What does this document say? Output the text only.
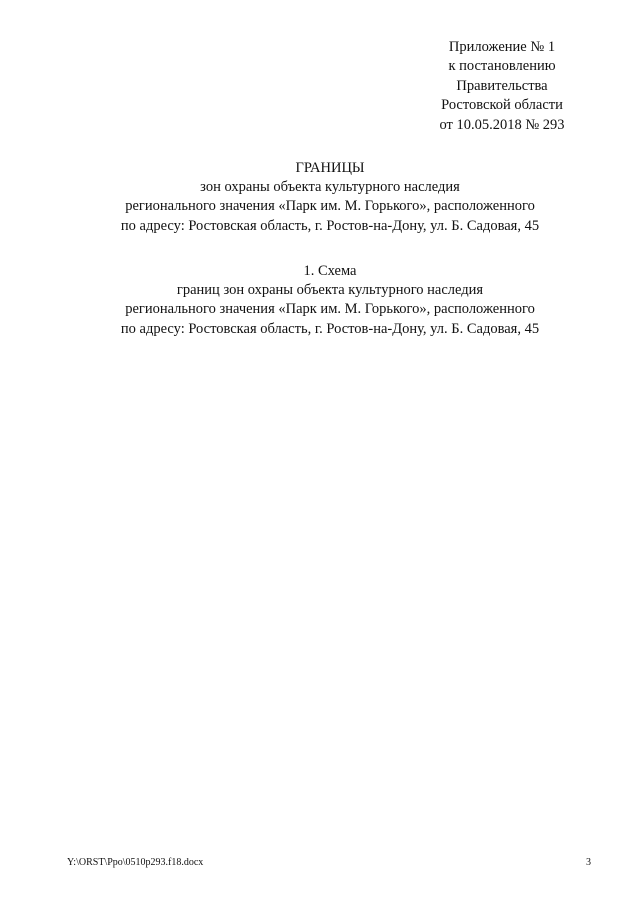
Приложение № 1
к постановлению
Правительства
Ростовской области
от 10.05.2018 № 293
ГРАНИЦЫ
зон охраны объекта культурного наследия
регионального значения «Парк им. М. Горького», расположенного
по адресу: Ростовская область, г. Ростов-на-Дону, ул. Б. Садовая, 45
1. Схема
границ зон охраны объекта культурного наследия
регионального значения «Парк им. М. Горького», расположенного
по адресу: Ростовская область, г. Ростов-на-Дону, ул. Б. Садовая, 45
Y:\ORST\Ppo\0510p293.f18.docx	3
